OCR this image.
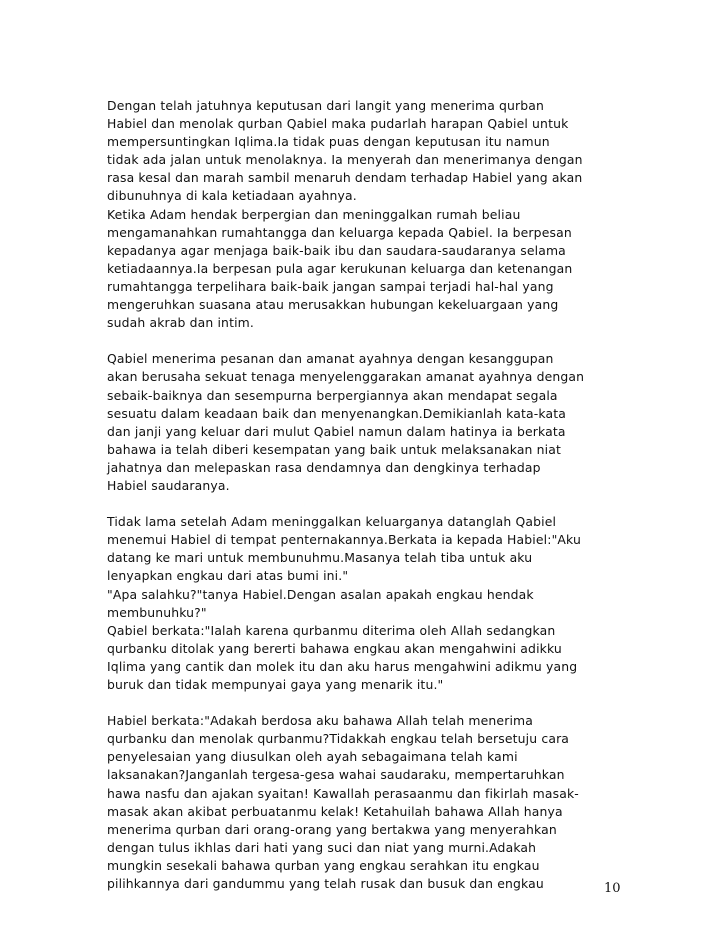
Dengan telah jatuhnya keputusan dari langit yang menerima qurban
Habiel dan menolak qurban Qabiel maka pudarlah harapan Qabiel untuk
mempersuntingkan Iqlima.Ia tidak puas dengan keputusan itu namun
tidak ada jalan untuk menolaknya. Ia menyerah dan menerimanya dengan
rasa kesal dan marah sambil menaruh dendam terhadap Habiel yang akan
dibunuhnya di kala ketiadaan ayahnya.
Ketika Adam hendak berpergian dan meninggalkan rumah beliau
mengamanahkan rumahtangga dan keluarga kepada Qabiel. Ia berpesan
kepadanya agar menjaga baik-baik ibu dan saudara-saudaranya selama
ketiadaannya.Ia berpesan pula agar kerukunan keluarga dan ketenangan
rumahtangga terpelihara baik-baik jangan sampai terjadi hal-hal yang
mengeruhkan suasana atau merusakkan hubungan kekeluargaan yang
sudah akrab dan intim.
Qabiel menerima pesanan dan amanat ayahnya dengan kesanggupan
akan berusaha sekuat tenaga menyelenggarakan amanat ayahnya dengan
sebaik-baiknya dan sesempurna berpergiannya akan mendapat segala
sesuatu dalam keadaan baik dan menyenangkan.Demikianlah kata-kata
dan janji yang keluar dari mulut Qabiel namun dalam hatinya ia berkata
bahawa ia telah diberi kesempatan yang baik untuk melaksanakan niat
jahatnya dan melepaskan rasa dendamnya dan dengkinya terhadap
Habiel saudaranya.
Tidak lama setelah Adam meninggalkan keluarganya datanglah Qabiel
menemui Habiel di tempat penternakannya.Berkata ia kepada Habiel:"Aku
datang ke mari untuk membunuhmu.Masanya telah tiba untuk aku
lenyapkan engkau dari atas bumi ini."
"Apa salahku?"tanya Habiel.Dengan asalan apakah engkau hendak
membunuhku?"
Qabiel berkata:"Ialah karena qurbanmu diterima oleh Allah sedangkan
qurbanku ditolak yang bererti bahawa engkau akan mengahwini adikku
Iqlima yang cantik dan molek itu dan aku harus mengahwini adikmu yang
buruk dan tidak mempunyai gaya yang menarik itu."
Habiel berkata:"Adakah berdosa aku bahawa Allah telah menerima
qurbanku dan menolak qurbanmu?Tidakkah engkau telah bersetuju cara
penyelesaian yang diusulkan oleh ayah sebagaimana telah kami
laksanakan?Janganlah tergesa-gesa wahai saudaraku, mempertaruhkan
hawa nasfu dan ajakan syaitan! Kawallah perasaanmu dan fikirlah masak-
masak akan akibat perbuatanmu kelak! Ketahuilah bahawa Allah hanya
menerima qurban dari orang-orang yang bertakwa yang menyerahkan
dengan tulus ikhlas dari hati yang suci dan niat yang murni.Adakah
mungkin sesekali bahawa qurban yang engkau serahkan itu engkau
pilihkannya dari gandummu yang telah rusak dan busuk dan engkau	10
